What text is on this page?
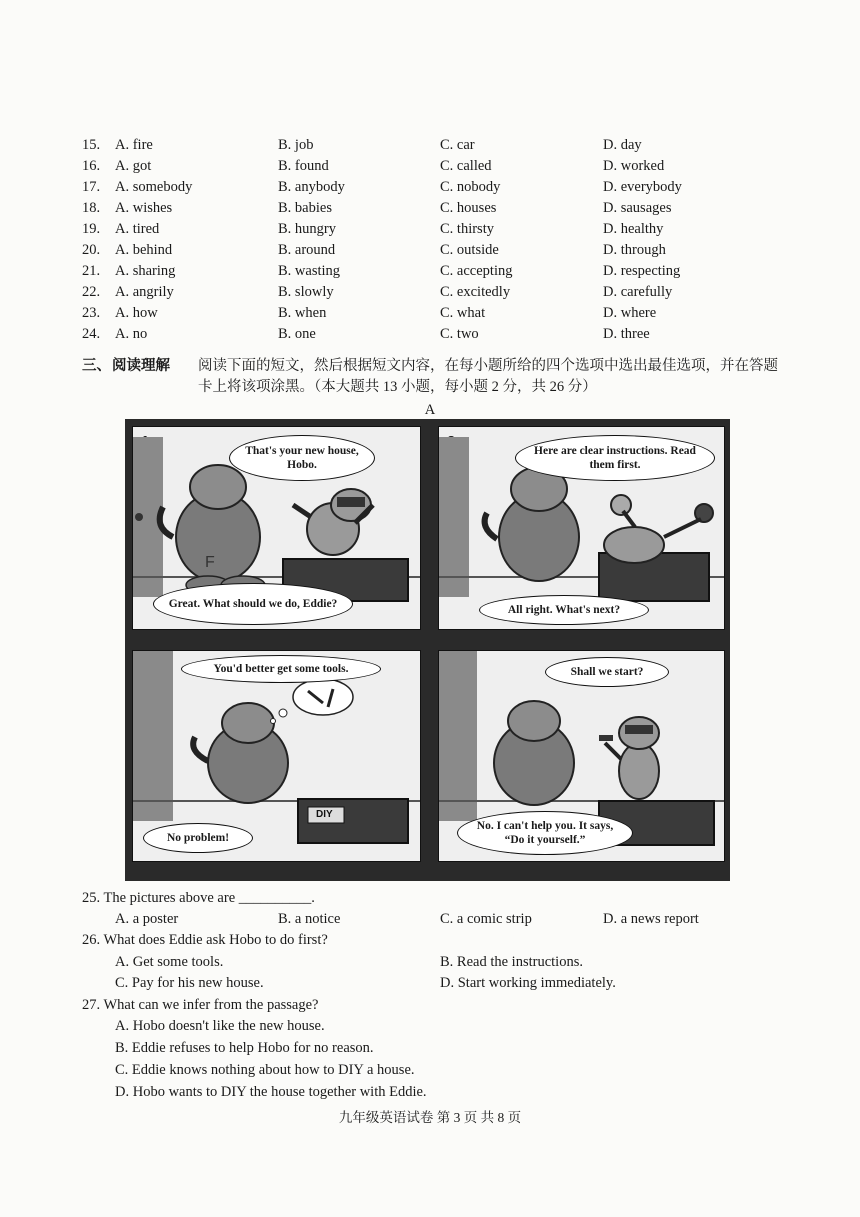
15. A. fire	B. job	C. car	D. day
16. A. got	B. found	C. called	D. worked
17. A. somebody	B. anybody	C. nobody	D. everybody
18. A. wishes	B. babies	C. houses	D. sausages
19. A. tired	B. hungry	C. thirsty	D. healthy
20. A. behind	B. around	C. outside	D. through
21. A. sharing	B. wasting	C. accepting	D. respecting
22. A. angrily	B. slowly	C. excitedly	D. carefully
23. A. how	B. when	C. what	D. where
24. A. no	B. one	C. two	D. three
三、 阅读理解 阅读下面的短文，然后根据短文内容，在每小题所给的四个选项中选出最佳选项，并在答题卡上将该项涂黑。（本大题共 13 小题，每小题 2 分，共 26 分）
A
F
That's your new house, Hobo.
Great. What should we do, Eddie?
Here are clear instructions. Read them first.
All right. What's next?
DIY
You'd better get some tools.
No problem!
Shall we start?
No. I can't help you. It says, “Do it yourself.”
25. The pictures above are __________.
A. a poster	B. a notice	C. a comic strip	D. a news report
26. What does Eddie ask Hobo to do first?
A. Get some tools.	B. Read the instructions.
C. Pay for his new house.	D. Start working immediately.
27. What can we infer from the passage?
A. Hobo doesn't like the new house.
B. Eddie refuses to help Hobo for no reason.
C. Eddie knows nothing about how to DIY a house.
D. Hobo wants to DIY the house together with Eddie.
九年级英语试卷 第 3 页 共 8 页
